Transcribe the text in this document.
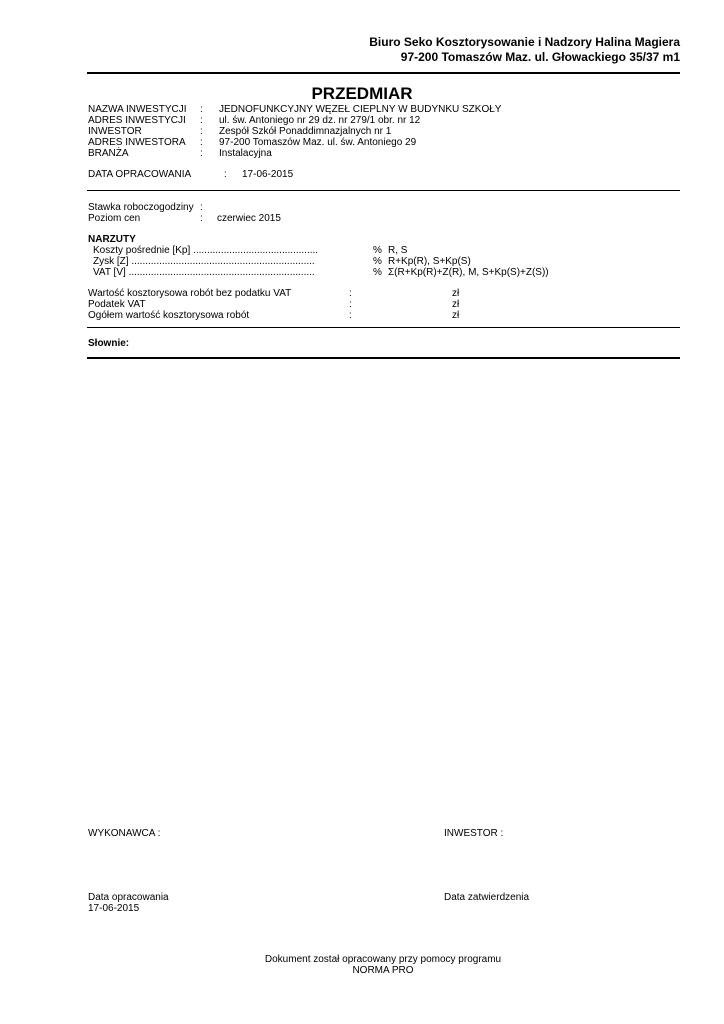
Biuro Seko Kosztorysowanie i Nadzory Halina Magiera
97-200 Tomaszów Maz. ul. Głowackiego 35/37 m1
PRZEDMIAR
NAZWA INWESTYCJI : JEDNOFUNKCYJNY WĘZEŁ CIEPLNY W BUDYNKU SZKOŁY
ADRES INWESTYCJI : ul. św. Antoniego nr 29 dz. nr 279/1 obr. nr 12
INWESTOR	: Zespół Szkół Ponaddimnazjalnych nr 1
ADRES INWESTORA : 97-200 Tomaszów Maz. ul. św. Antoniego 29
BRANŻA	: Instalacyjna
DATA OPRACOWANIA	: 17-06-2015
Stawka roboczogodziny :
Poziom cen	: czerwiec 2015
NARZUTY
Koszty pośrednie [Kp] .............................................	% R, S
Zysk [Z] ..................................................................	% R+Kp(R), S+Kp(S)
VAT [V] ...................................................................	% Σ(R+Kp(R)+Z(R), M, S+Kp(S)+Z(S))
Wartość kosztorysowa robót bez podatku VAT	:	zł
Podatek VAT	:	zł
Ogółem wartość kosztorysowa robót	:	zł
Słownie:
WYKONAWCA :	INWESTOR :
Data opracowania
17-06-2015
Data zatwierdzenia
Dokument został opracowany przy pomocy programu
NORMA PRO
